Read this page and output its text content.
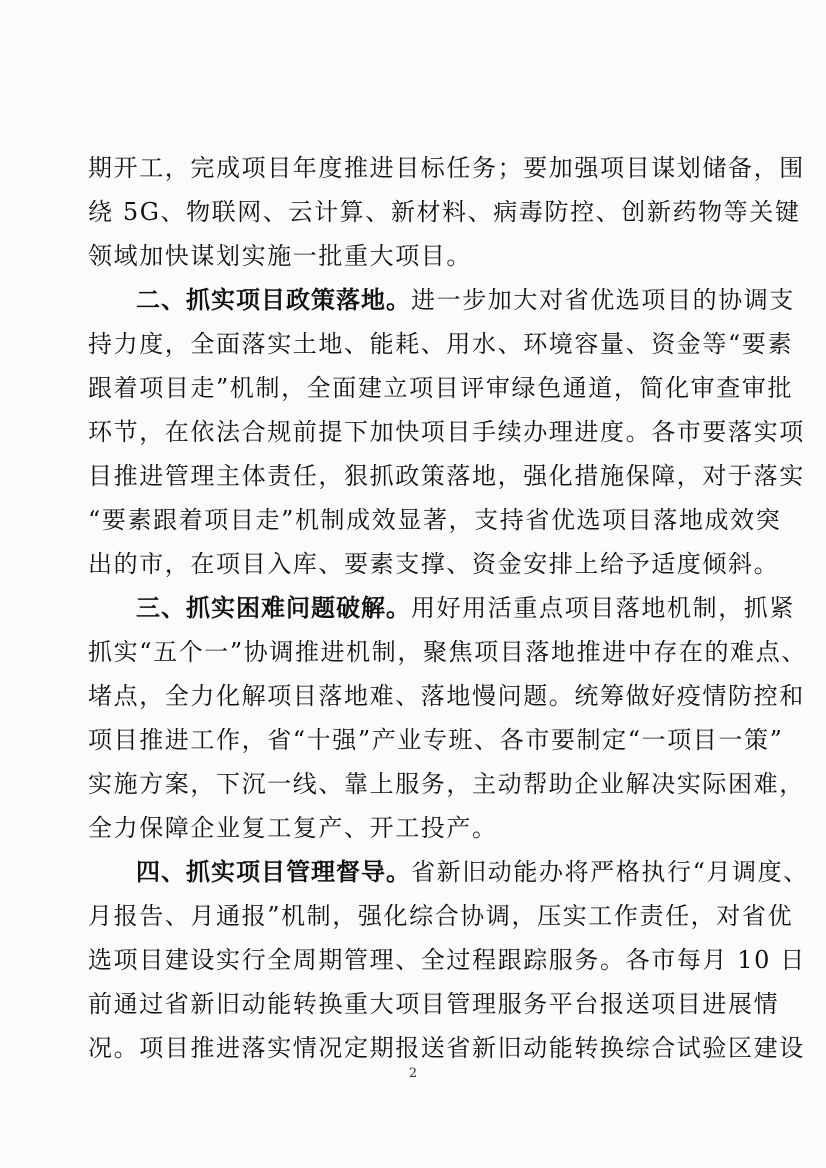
期开工，完成项目年度推进目标任务；要加强项目谋划储备，围
绕 5G、物联网、云计算、新材料、病毒防控、创新药物等关键
领域加快谋划实施一批重大项目。
二、抓实项目政策落地。进一步加大对省优选项目的协调支
持力度，全面落实土地、能耗、用水、环境容量、资金等“要素
跟着项目走”机制，全面建立项目评审绿色通道，简化审查审批
环节，在依法合规前提下加快项目手续办理进度。各市要落实项
目推进管理主体责任，狠抓政策落地，强化措施保障，对于落实
“要素跟着项目走”机制成效显著，支持省优选项目落地成效突
出的市，在项目入库、要素支撑、资金安排上给予适度倾斜。
三、抓实困难问题破解。用好用活重点项目落地机制，抓紧
抓实“五个一”协调推进机制，聚焦项目落地推进中存在的难点、
堵点，全力化解项目落地难、落地慢问题。统筹做好疫情防控和
项目推进工作，省“十强”产业专班、各市要制定“一项目一策”
实施方案，下沉一线、靠上服务，主动帮助企业解决实际困难，
全力保障企业复工复产、开工投产。
四、抓实项目管理督导。省新旧动能办将严格执行“月调度、
月报告、月通报”机制，强化综合协调，压实工作责任，对省优
选项目建设实行全周期管理、全过程跟踪服务。各市每月 10 日
前通过省新旧动能转换重大项目管理服务平台报送项目进展情
况。项目推进落实情况定期报送省新旧动能转换综合试验区建设
2
